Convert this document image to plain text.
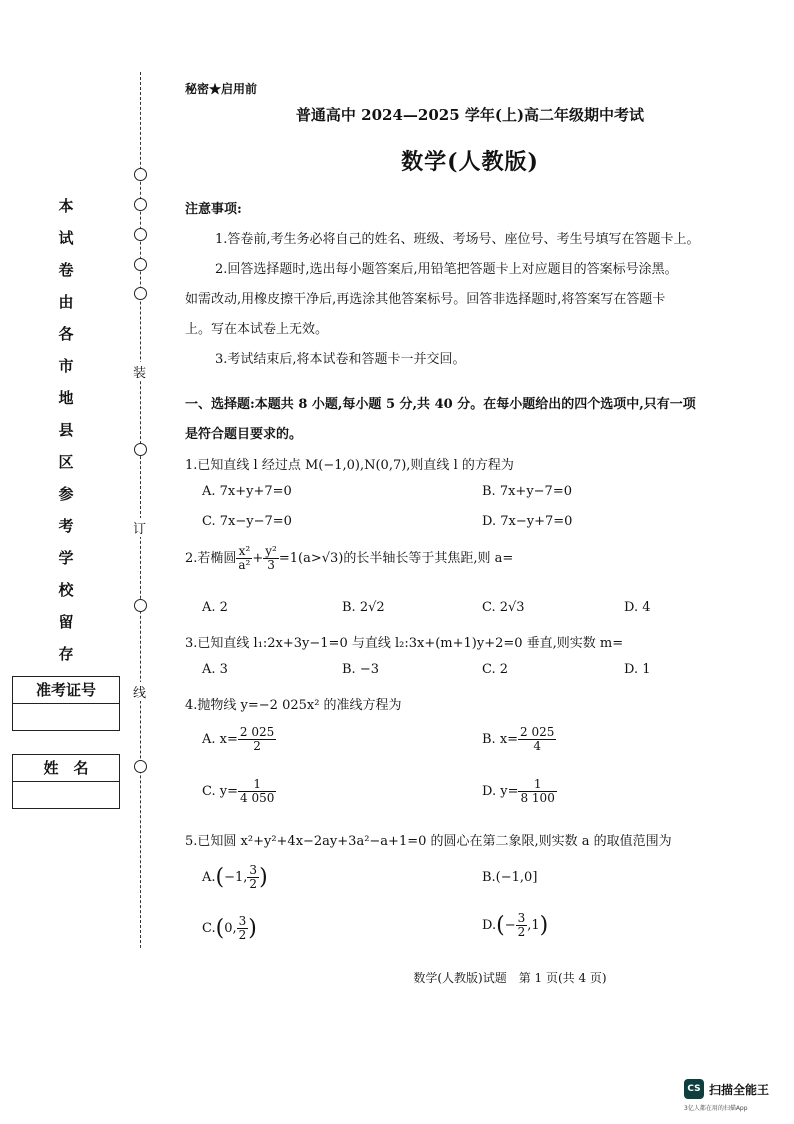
本
试
卷
由
各
市
地
县
区
参
考
学
校
留
存
准考证号
姓　名
装
订
线
秘密★启用前
普通高中 2024—2025 学年(上)高二年级期中考试
数学(人教版)
注意事项:
1.答卷前,考生务必将自己的姓名、班级、考场号、座位号、考生号填写在答题卡上。
2.回答选择题时,选出每小题答案后,用铅笔把答题卡上对应题目的答案标号涂黑。
如需改动,用橡皮擦干净后,再选涂其他答案标号。回答非选择题时,将答案写在答题卡
上。写在本试卷上无效。
3.考试结束后,将本试卷和答题卡一并交回。
一、选择题:本题共 8 小题,每小题 5 分,共 40 分。在每小题给出的四个选项中,只有一项
是符合题目要求的。
1.已知直线 l 经过点 M(−1,0),N(0,7),则直线 l 的方程为
A. 7x+y+7=0	B. 7x+y−7=0
C. 7x−y−7=0	D. 7x−y+7=0
2.若椭圆 $\frac{\text{x²}}{\text{a²}} + \frac{\text{y²}}{3} =1(a>√3)$的长半轴长等于其焦距,则 a=
A. 2	B. 2√2	C. 2√3	D. 4
3.已知直线 l₁:2x+3y−1=0 与直线 l₂:3x+(m+1)y+2=0 垂直,则实数 m=
A. 3	B. −3	C. 2	D. 1
4.抛物线 y=−2 025x² 的准线方程为
A. $x= \frac{2 025}{2}$	B. $x= \frac{2 025}{4}$
C. $y= \frac{1}{4 050}$	D. $y= \frac{1}{8 100}$
5.已知圆 x²+y²+4x−2ay+3a²−a+1=0 的圆心在第二象限,则实数 a 的取值范围为
A.(−1, $\frac{3}{2}$ )	B.(−1,0]
C.(0, $\frac{3}{2}$ )	$D.(- \frac{3}{2} ,1)$
数学(人教版)试题　第 1 页(共 4 页)
CS 扫描全能王
3亿人都在用的扫描App
